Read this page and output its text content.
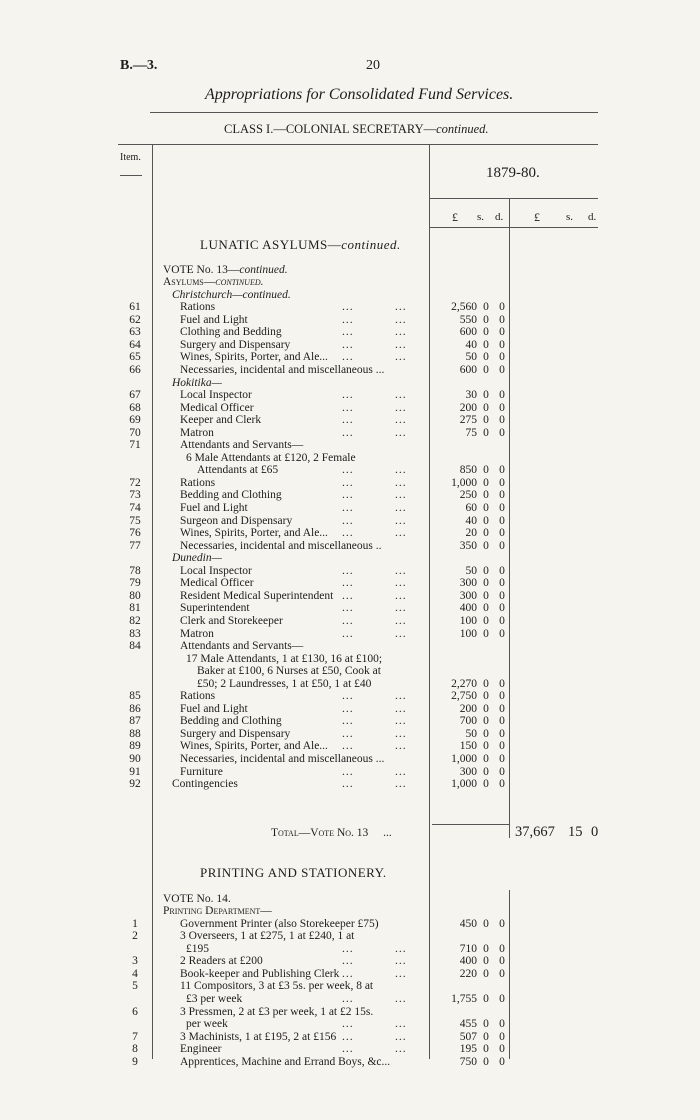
B.—3.	20
Appropriations for Consolidated Fund Services.
CLASS I.—COLONIAL SECRETARY—continued.
Item.
1879-80.
£ s. d.	£ s. d.
LUNATIC ASYLUMS—continued.
VOTE No. 13—continued.
Asylums—continued.
Christchurch—continued.
61	Rations	...	...	2,560 0 0
62	Fuel and Light	...	...	550 0 0
63	Clothing and Bedding	...	...	600 0 0
64	Surgery and Dispensary	...	...	40 0 0
65	Wines, Spirits, Porter, and Ale... ...	...	50 0 0
66	Necessaries, incidental and miscellaneous ...	600 0 0
Hokitika—
67	Local Inspector	...	...	30 0 0
68	Medical Officer	...	...	200 0 0
69	Keeper and Clerk	...	...	275 0 0
70	Matron	...	...	75 0 0
71	Attendants and Servants—
6 Male Attendants at £120, 2 Female
Attendants at £65	...	...	850 0 0
72	Rations	...	...	1,000 0 0
73	Bedding and Clothing	...	...	250 0 0
74	Fuel and Light	...	...	60 0 0
75	Surgeon and Dispensary	...	...	40 0 0
76	Wines, Spirits, Porter, and Ale... ...	...	20 0 0
77	Necessaries, incidental and miscellaneous ..	350 0 0
Dunedin—
78	Local Inspector	...	...	50 0 0
79	Medical Officer	...	...	300 0 0
80	Resident Medical Superintendent ...	...	300 0 0
81	Superintendent	...	...	400 0 0
82	Clerk and Storekeeper	...	...	100 0 0
83	Matron	...	...	100 0 0
84	Attendants and Servants—
17 Male Attendants, 1 at £130, 16 at £100;
Baker at £100, 6 Nurses at £50, Cook at
£50; 2 Laundresses, 1 at £50, 1 at £40	2,270 0 0
85	Rations	...	...	2,750 0 0
86	Fuel and Light	...	...	200 0 0
87	Bedding and Clothing	...	...	700 0 0
88	Surgery and Dispensary	...	...	50 0 0
89	Wines, Spirits, Porter, and Ale... ...	...	150 0 0
90	Necessaries, incidental and miscellaneous ...	1,000 0 0
91	Furniture	...	...	300 0 0
92	Contingencies	...	...	1,000 0 0
Total—Vote No. 13 ...	37,667 15 0
PRINTING AND STATIONERY.
VOTE No. 14.
Printing Department—
1	Government Printer (also Storekeeper £75)	450 0 0
2	3 Overseers, 1 at £275, 1 at £240, 1 at
£195	...	...	710 0 0
3	2 Readers at £200	...	...	400 0 0
4	Book-keeper and Publishing Clerk ...	...	220 0 0
5	11 Compositors, 3 at £3 5s. per week, 8 at
£3 per week	...	...	1,755 0 0
6	3 Pressmen, 2 at £3 per week, 1 at £2 15s.
per week	...	...	455 0 0
7	3 Machinists, 1 at £195, 2 at £156 ...	...	507 0 0
8	Engineer	...	...	195 0 0
9	Apprentices, Machine and Errand Boys, &c...	750 0 0
